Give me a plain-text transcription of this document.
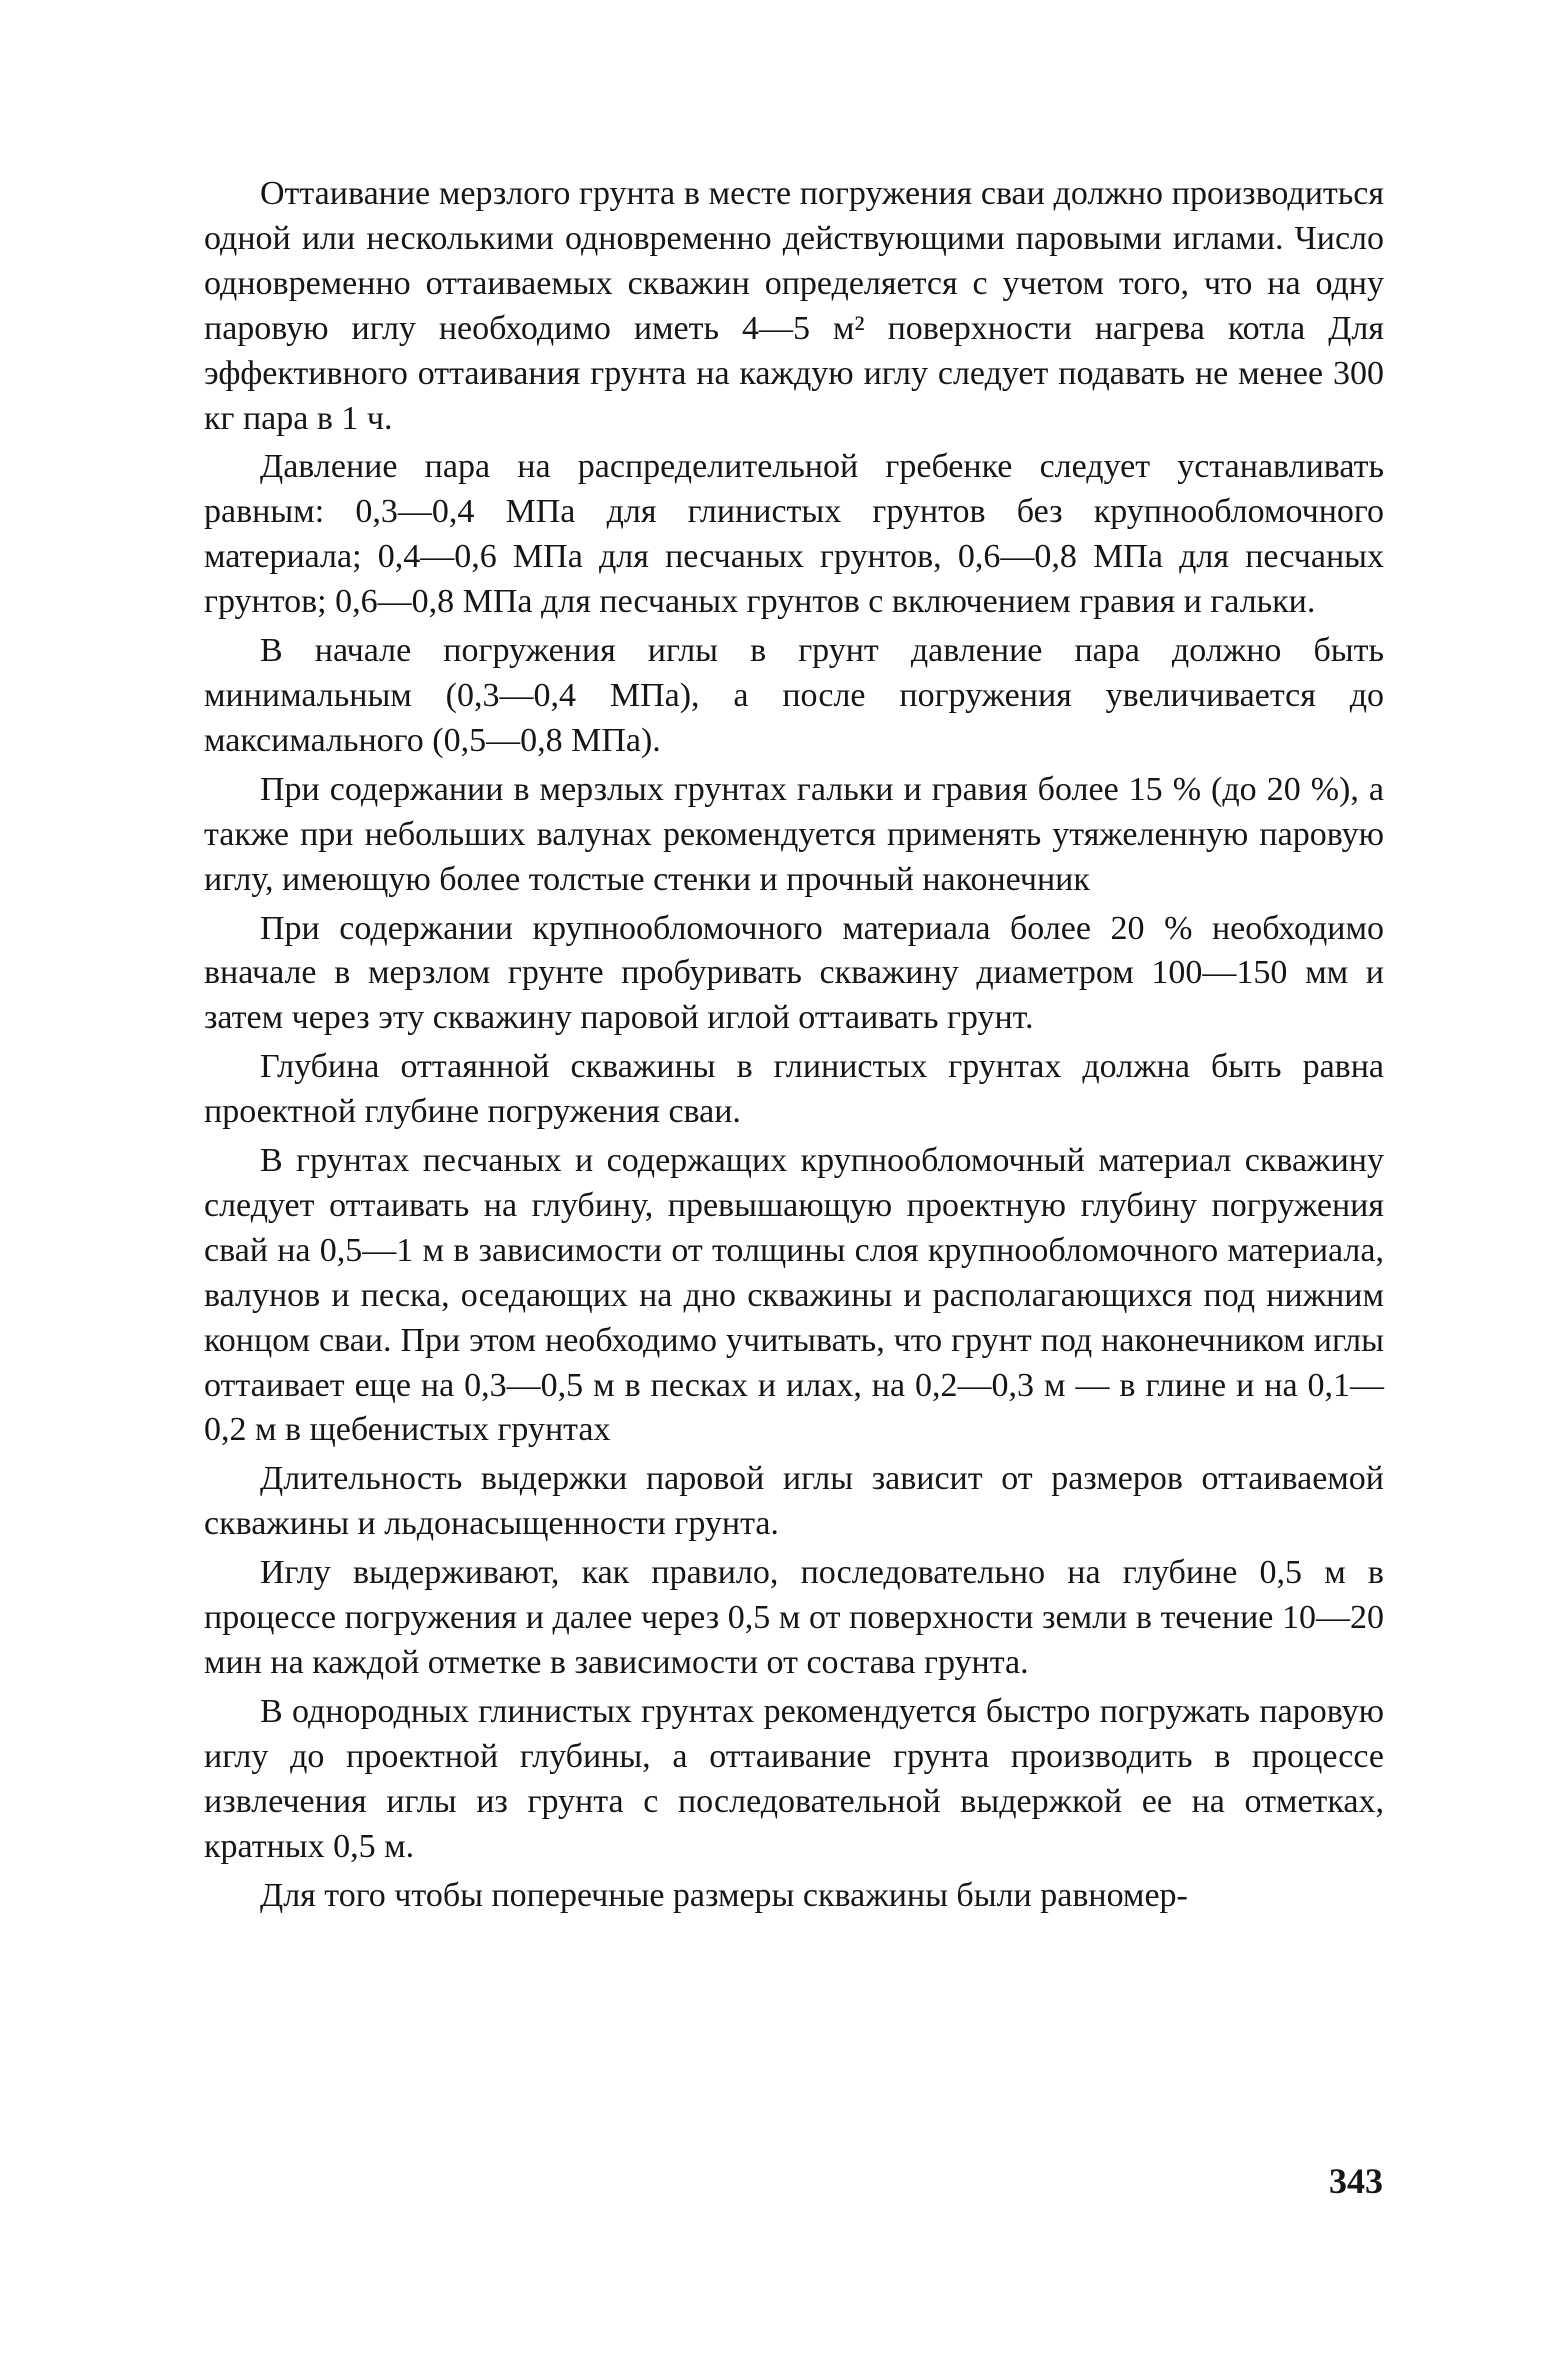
Оттаивание мерзлого грунта в месте погружения сваи должно производиться одной или несколькими одновременно действующими паровыми иглами. Число одновременно оттаиваемых скважин определяется с учетом того, что на одну паровую иглу необходимо иметь 4—5 м² поверхности нагрева котла Для эффективного оттаивания грунта на каждую иглу следует подавать не менее 300 кг пара в 1 ч.

Давление пара на распределительной гребенке следует устанавливать равным: 0,3—0,4 МПа для глинистых грунтов без крупнообломочного материала; 0,4—0,6 МПа для песчаных грунтов, 0,6—0,8 МПа для песчаных грунтов; 0,6—0,8 МПа для песчаных грунтов с включением гравия и гальки.

В начале погружения иглы в грунт давление пара должно быть минимальным (0,3—0,4 МПа), а после погружения увеличивается до максимального (0,5—0,8 МПа).

При содержании в мерзлых грунтах гальки и гравия более 15 % (до 20 %), а также при небольших валунах рекомендуется применять утяжеленную паровую иглу, имеющую более толстые стенки и прочный наконечник

При содержании крупнообломочного материала более 20 % необходимо вначале в мерзлом грунте пробуривать скважину диаметром 100—150 мм и затем через эту скважину паровой иглой оттаивать грунт.

Глубина оттаянной скважины в глинистых грунтах должна быть равна проектной глубине погружения сваи.

В грунтах песчаных и содержащих крупнообломочный материал скважину следует оттаивать на глубину, превышающую проектную глубину погружения свай на 0,5—1 м в зависимости от толщины слоя крупнообломочного материала, валунов и песка, оседающих на дно скважины и располагающихся под нижним концом сваи. При этом необходимо учитывать, что грунт под наконечником иглы оттаивает еще на 0,3—0,5 м в песках и илах, на 0,2—0,3 м — в глине и на 0,1—0,2 м в щебенистых грунтах

Длительность выдержки паровой иглы зависит от размеров оттаиваемой скважины и льдонасыщенности грунта.

Иглу выдерживают, как правило, последовательно на глубине 0,5 м в процессе погружения и далее через 0,5 м от поверхности земли в течение 10—20 мин на каждой отметке в зависимости от состава грунта.

В однородных глинистых грунтах рекомендуется быстро погружать паровую иглу до проектной глубины, а оттаивание грунта производить в процессе извлечения иглы из грунта с последовательной выдержкой ее на отметках, кратных 0,5 м.

Для того чтобы поперечные размеры скважины были равномер-

343
